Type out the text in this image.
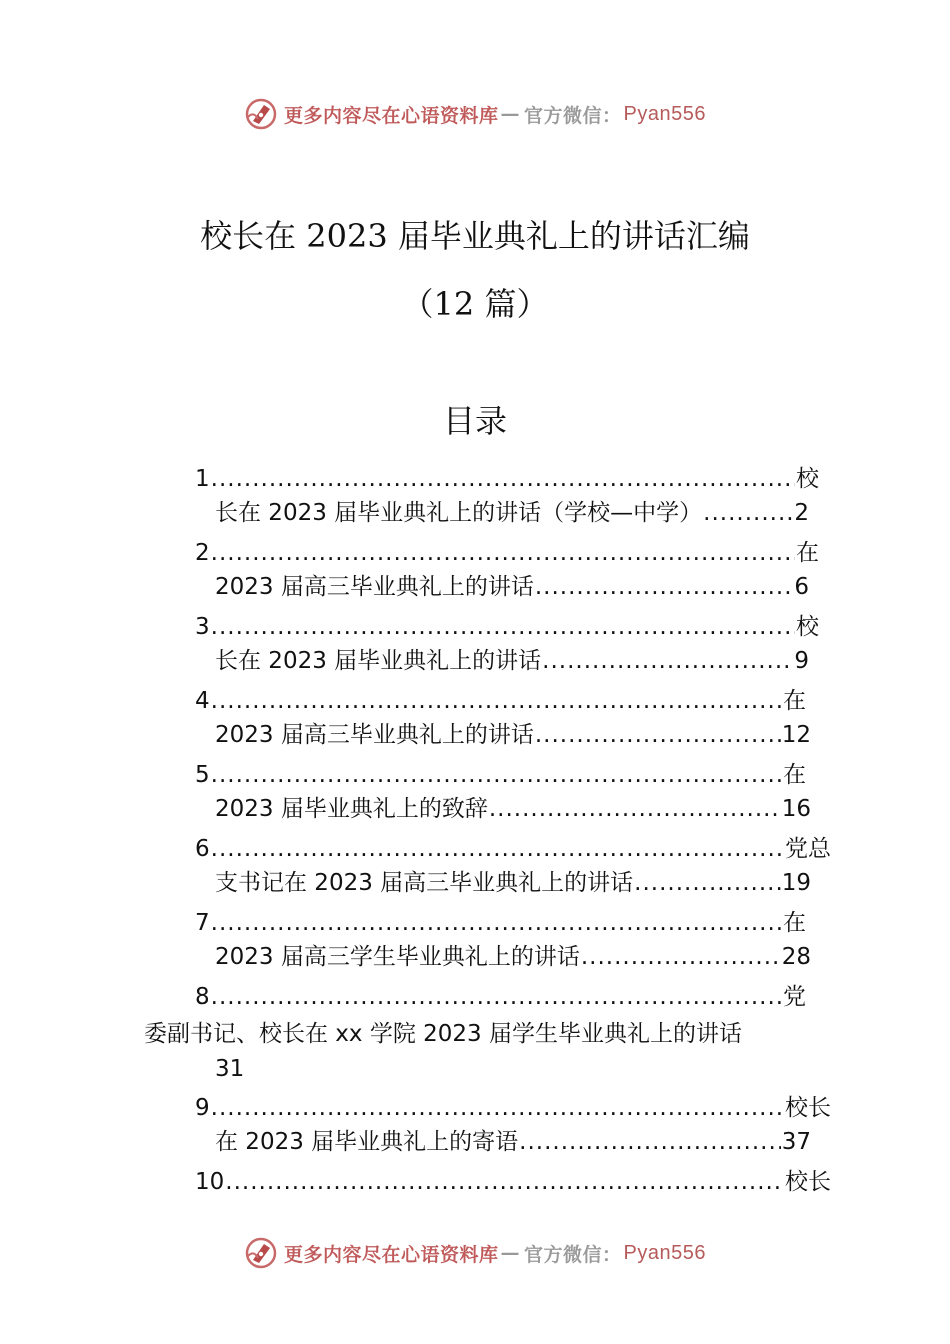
更多内容尽在心语资料库 — 官方微信： Pyan556
校长在 2023 届毕业典礼上的讲话汇编
（12 篇）
目录
1 .....	校
长在 2023 届毕业典礼上的讲话（学校—中学） .....	2
2 .....	在
2023 届高三毕业典礼上的讲话 .....	6
3 .....	校
长在 2023 届毕业典礼上的讲话 .....	9
4 .....	在
2023 届高三毕业典礼上的讲话 .....	12
5 .....	在
2023 届毕业典礼上的致辞 .....	16
6 .....	党总
支书记在 2023 届高三毕业典礼上的讲话 .....	19
7 .....	在
2023 届高三学生毕业典礼上的讲话 .....	28
8 .....	党
委副书记、校长在 xx 学院 2023 届学生毕业典礼上的讲话
31
9 .....	校长
在 2023 届毕业典礼上的寄语 .....	37
10 .....	校长
更多内容尽在心语资料库 — 官方微信： Pyan556
